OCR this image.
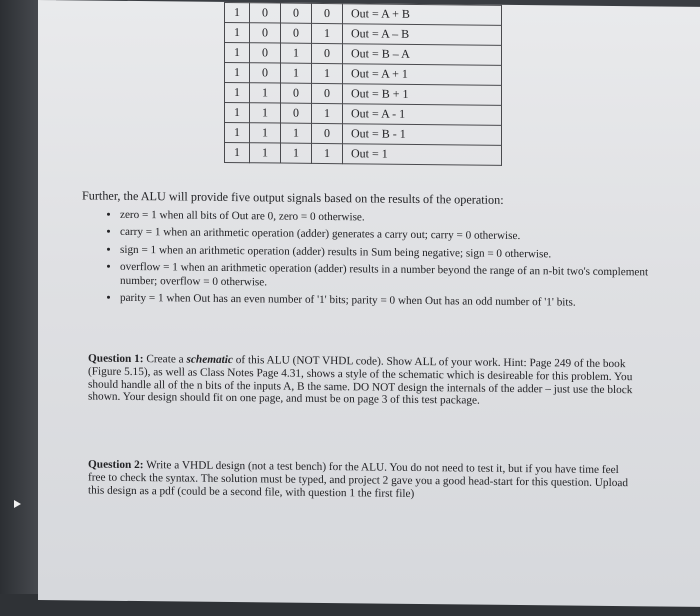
1	0	0	0	Out = A + B
1	0	0	1	Out = A – B
1	0	1	0	Out = B – A
1	0	1	1	Out = A + 1
1	1	0	0	Out = B + 1
1	1	0	1	Out = A - 1
1	1	1	0	Out = B - 1
1	1	1	1	Out = 1

Further, the ALU will provide five output signals based on the results of the operation:

• zero = 1 when all bits of Out are 0, zero = 0 otherwise.
• carry = 1 when an arithmetic operation (adder) generates a carry out; carry = 0 otherwise.
• sign = 1 when an arithmetic operation (adder) results in Sum being negative; sign = 0 otherwise.
• overflow = 1 when an arithmetic operation (adder) results in a number beyond the range of an n-bit two's complement number; overflow = 0 otherwise.
• parity = 1 when Out has an even number of '1' bits; parity = 0 when Out has an odd number of '1' bits.

Question 1: Create a schematic of this ALU (NOT VHDL code). Show ALL of your work. Hint: Page 249 of the book (Figure 5.15), as well as Class Notes Page 4.31, shows a style of the schematic which is desireable for this problem. You should handle all of the n bits of the inputs A, B the same. DO NOT design the internals of the adder – just use the block shown. Your design should fit on one page, and must be on page 3 of this test package.

Question 2: Write a VHDL design (not a test bench) for the ALU. You do not need to test it, but if you have time feel free to check the syntax. The solution must be typed, and project 2 gave you a good head-start for this question. Upload this design as a pdf (could be a second file, with question 1 the first file)
